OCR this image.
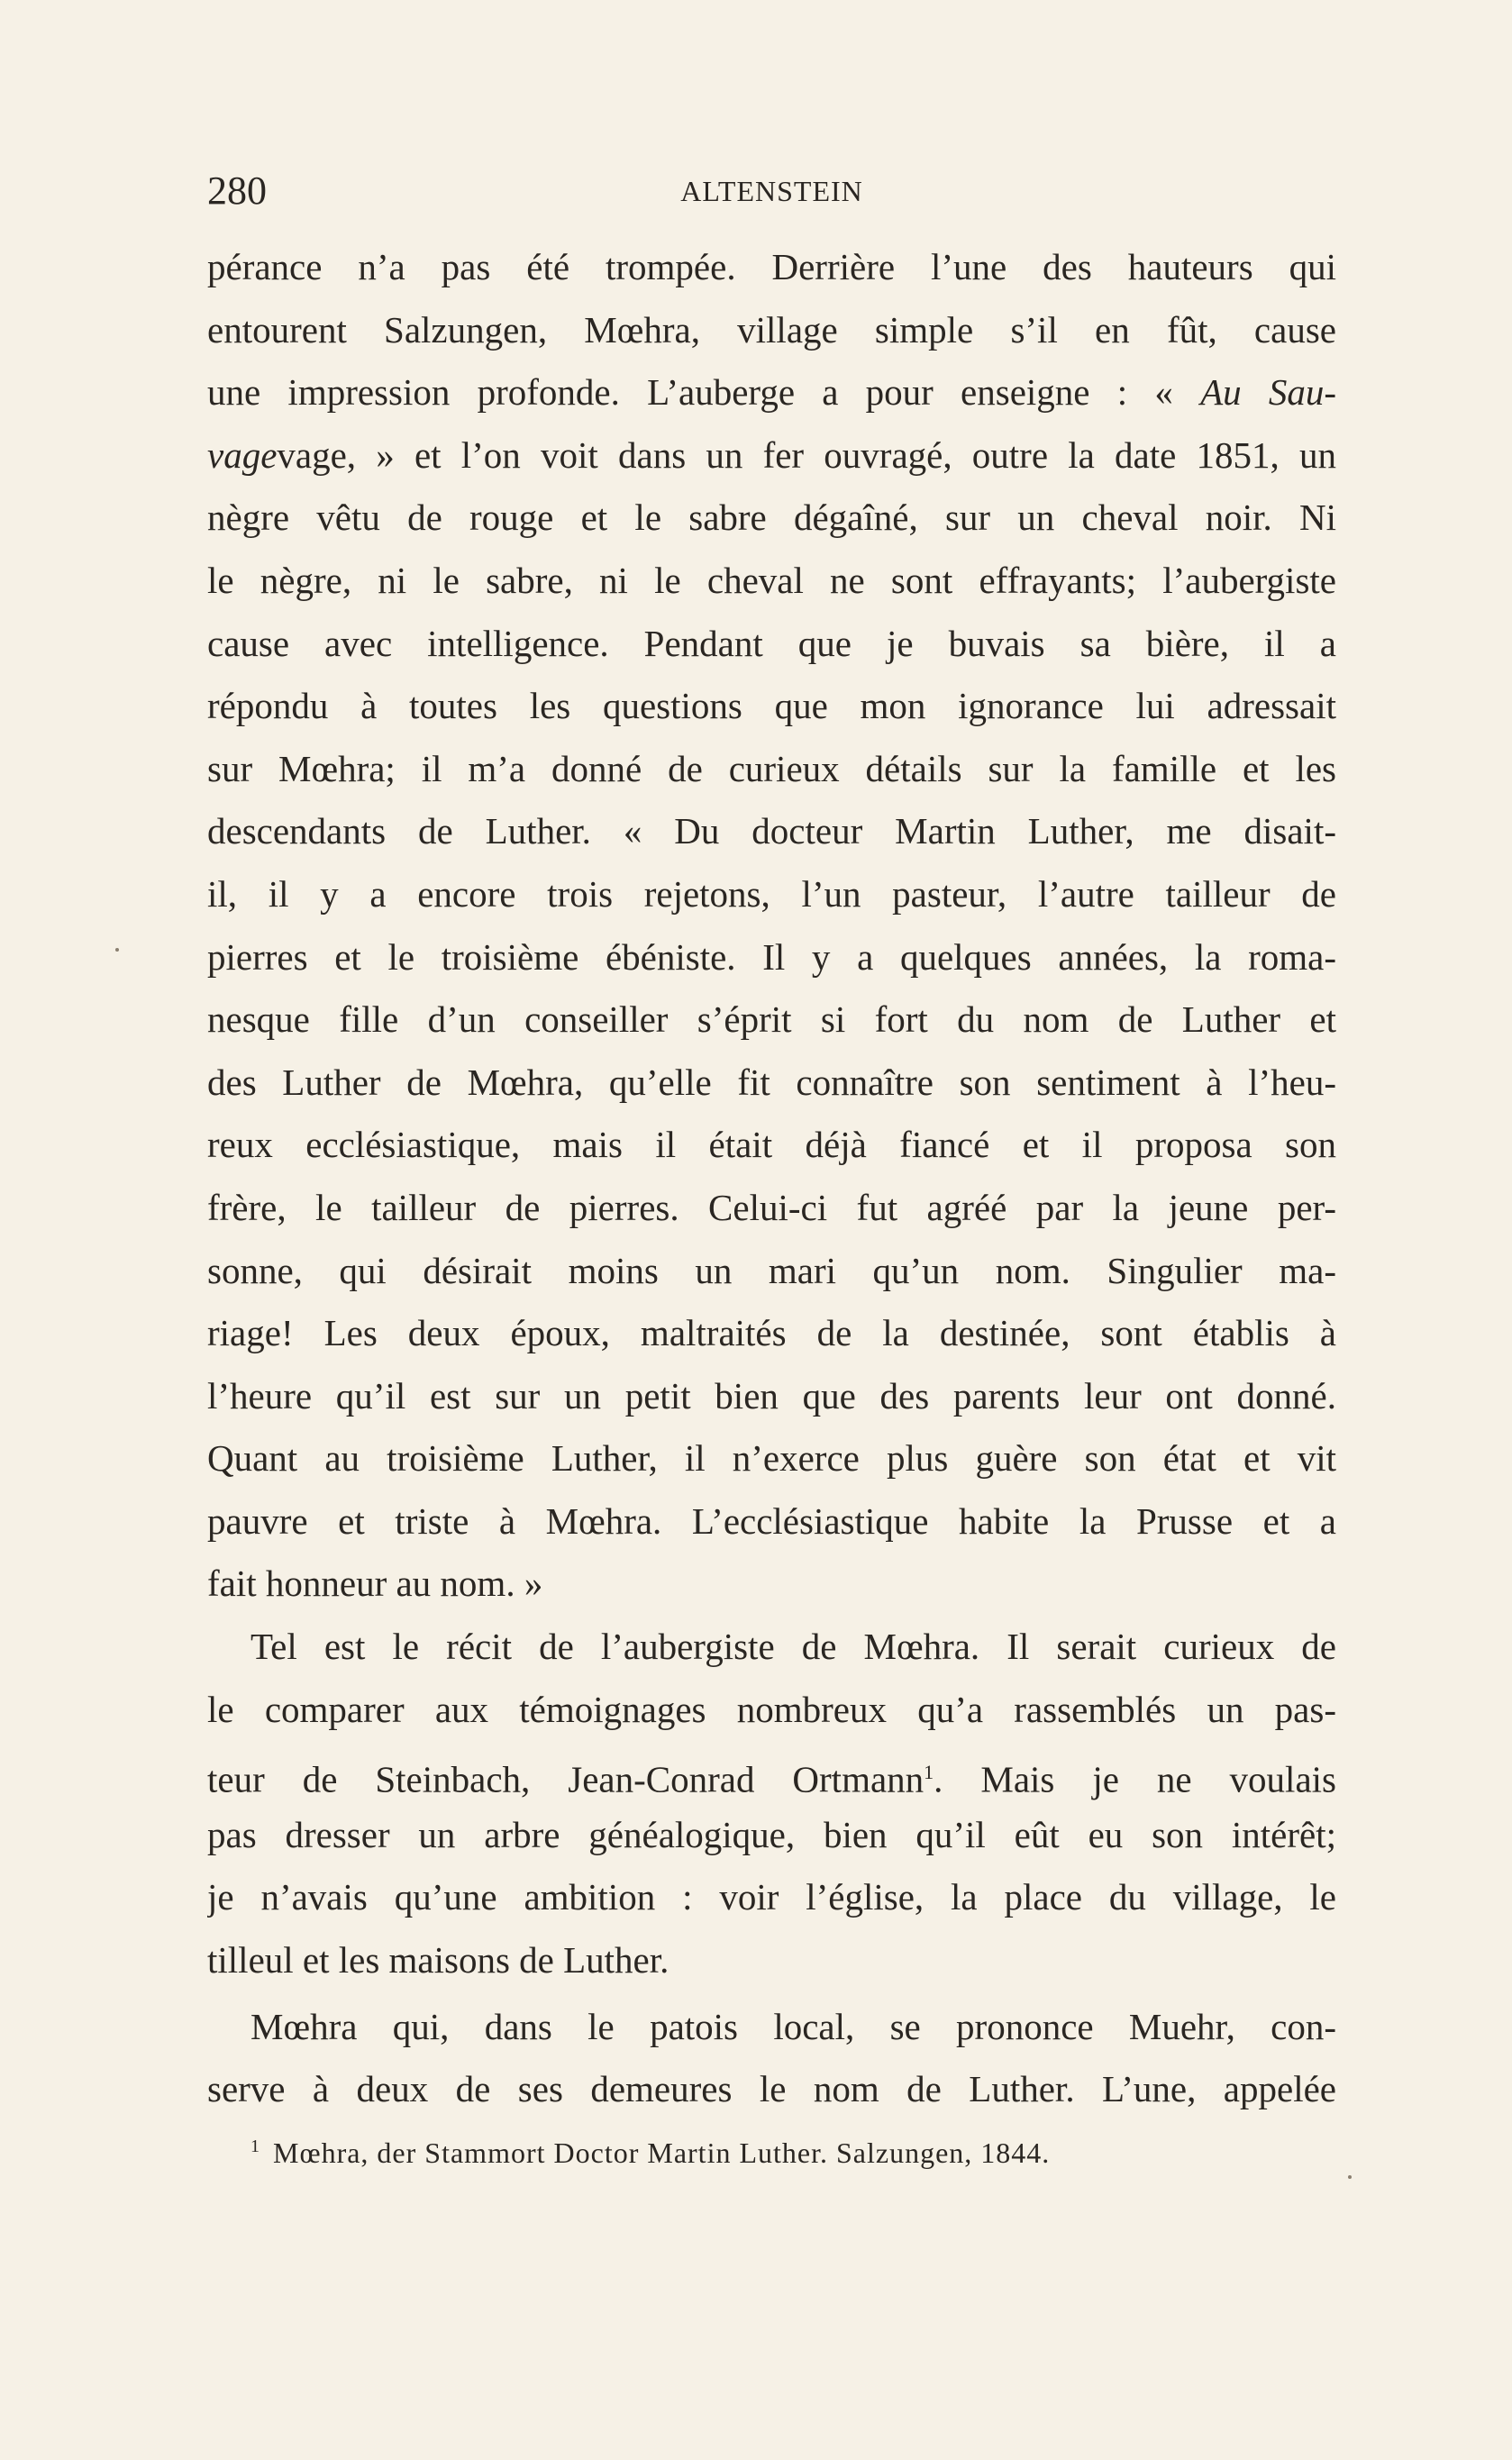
280	ALTENSTEIN
pérance n’a pas été trompée. Derrière l’une des hauteurs qui
entourent Salzungen, Mœhra, village simple s’il en fût, cause
une impression profonde. L’auberge a pour enseigne : « Au Sau-
vagevage, » et l’on voit dans un fer ouvragé, outre la date 1851, un
nègre vêtu de rouge et le sabre dégaîné, sur un cheval noir. Ni
le nègre, ni le sabre, ni le cheval ne sont effrayants; l’aubergiste
cause avec intelligence. Pendant que je buvais sa bière, il a
répondu à toutes les questions que mon ignorance lui adressait
sur Mœhra; il m’a donné de curieux détails sur la famille et les
descendants de Luther. « Du docteur Martin Luther, me disait-
il, il y a encore trois rejetons, l’un pasteur, l’autre tailleur de
pierres et le troisième ébéniste. Il y a quelques années, la roma-
nesque fille d’un conseiller s’éprit si fort du nom de Luther et
des Luther de Mœhra, qu’elle fit connaître son sentiment à l’heu-
reux ecclésiastique, mais il était déjà fiancé et il proposa son
frère, le tailleur de pierres. Celui-ci fut agréé par la jeune per-
sonne, qui désirait moins un mari qu’un nom. Singulier ma-
riage! Les deux époux, maltraités de la destinée, sont établis à
l’heure qu’il est sur un petit bien que des parents leur ont donné.
Quant au troisième Luther, il n’exerce plus guère son état et vit
pauvre et triste à Mœhra. L’ecclésiastique habite la Prusse et a
fait honneur au nom. »
Tel est le récit de l’aubergiste de Mœhra. Il serait curieux de
le comparer aux témoignages nombreux qu’a rassemblés un pas-
teur de Steinbach, Jean-Conrad Ortmann$^1$. Mais je ne voulais
pas dresser un arbre généalogique, bien qu’il eût eu son intérêt;
je n’avais qu’une ambition : voir l’église, la place du village, le
tilleul et les maisons de Luther.
Mœhra qui, dans le patois local, se prononce Muehr, con-
serve à deux de ses demeures le nom de Luther. L’une, appelée
$^1$ Mœhra, der Stammort Doctor Martin Luther. Salzungen, 1844.
